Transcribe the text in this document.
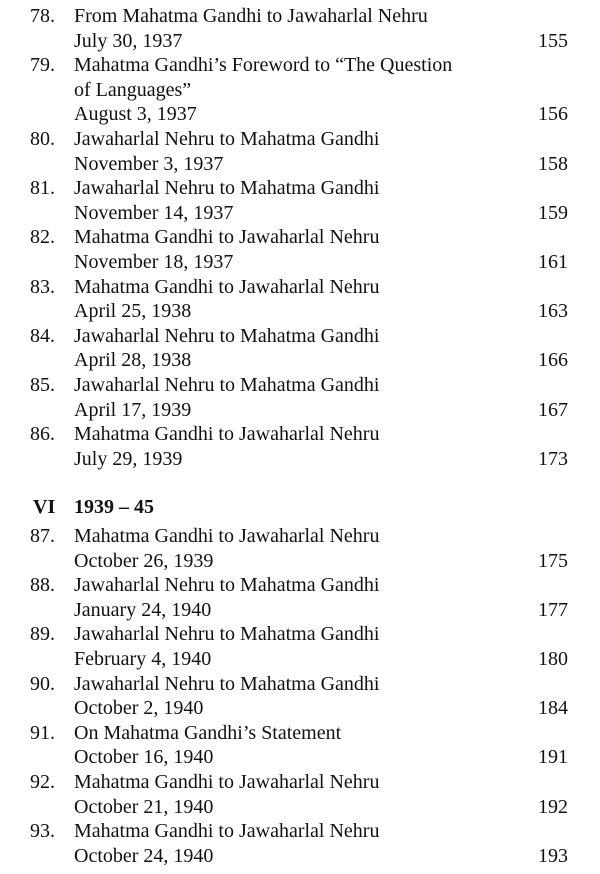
78. From Mahatma Gandhi to Jawaharlal Nehru
July 30, 1937	155
79. Mahatma Gandhi’s Foreword to “The Question
of Languages”
August 3, 1937	156
80. Jawaharlal Nehru to Mahatma Gandhi
November 3, 1937	158
81. Jawaharlal Nehru to Mahatma Gandhi
November 14, 1937	159
82. Mahatma Gandhi to Jawaharlal Nehru
November 18, 1937	161
83. Mahatma Gandhi to Jawaharlal Nehru
April 25, 1938	163
84. Jawaharlal Nehru to Mahatma Gandhi
April 28, 1938	166
85. Jawaharlal Nehru to Mahatma Gandhi
April 17, 1939	167
86. Mahatma Gandhi to Jawaharlal Nehru
July 29, 1939	173
VI 1939 – 45
87. Mahatma Gandhi to Jawaharlal Nehru
October 26, 1939	175
88. Jawaharlal Nehru to Mahatma Gandhi
January 24, 1940	177
89. Jawaharlal Nehru to Mahatma Gandhi
February 4, 1940	180
90. Jawaharlal Nehru to Mahatma Gandhi
October 2, 1940	184
91. On Mahatma Gandhi’s Statement
October 16, 1940	191
92. Mahatma Gandhi to Jawaharlal Nehru
October 21, 1940	192
93. Mahatma Gandhi to Jawaharlal Nehru
October 24, 1940	193
